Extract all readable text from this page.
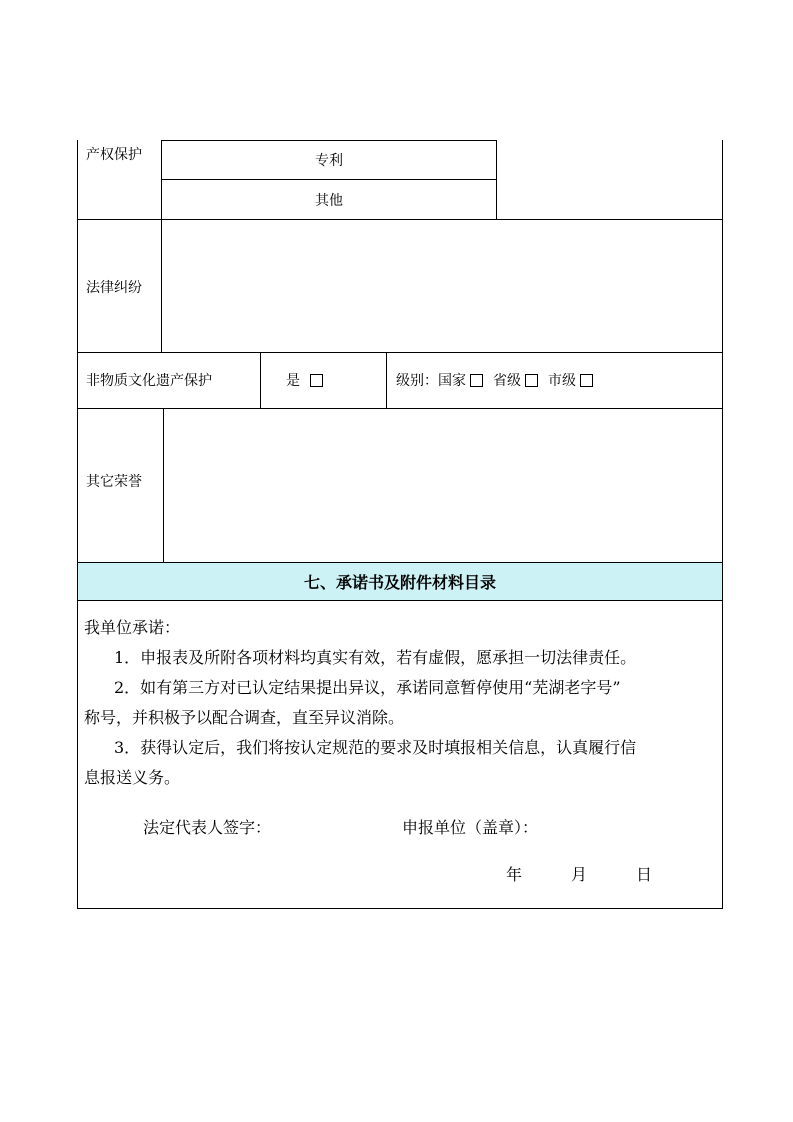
产权保护	专利
其他
法律纠纷
非物质文化遗产保护	是	级别： 国家 省级 市级
其它荣誉
七、承诺书及附件材料目录
我单位承诺：
1．申报表及所附各项材料均真实有效，若有虚假，愿承担一切法律责任。
2．如有第三方对已认定结果提出异议，承诺同意暂停使用“芜湖老字号”
称号，并积极予以配合调查，直至异议消除。
3．获得认定后，我们将按认定规范的要求及时填报相关信息，认真履行信
息报送义务。
法定代表人签字：	申报单位（盖章）：
年	月	日
